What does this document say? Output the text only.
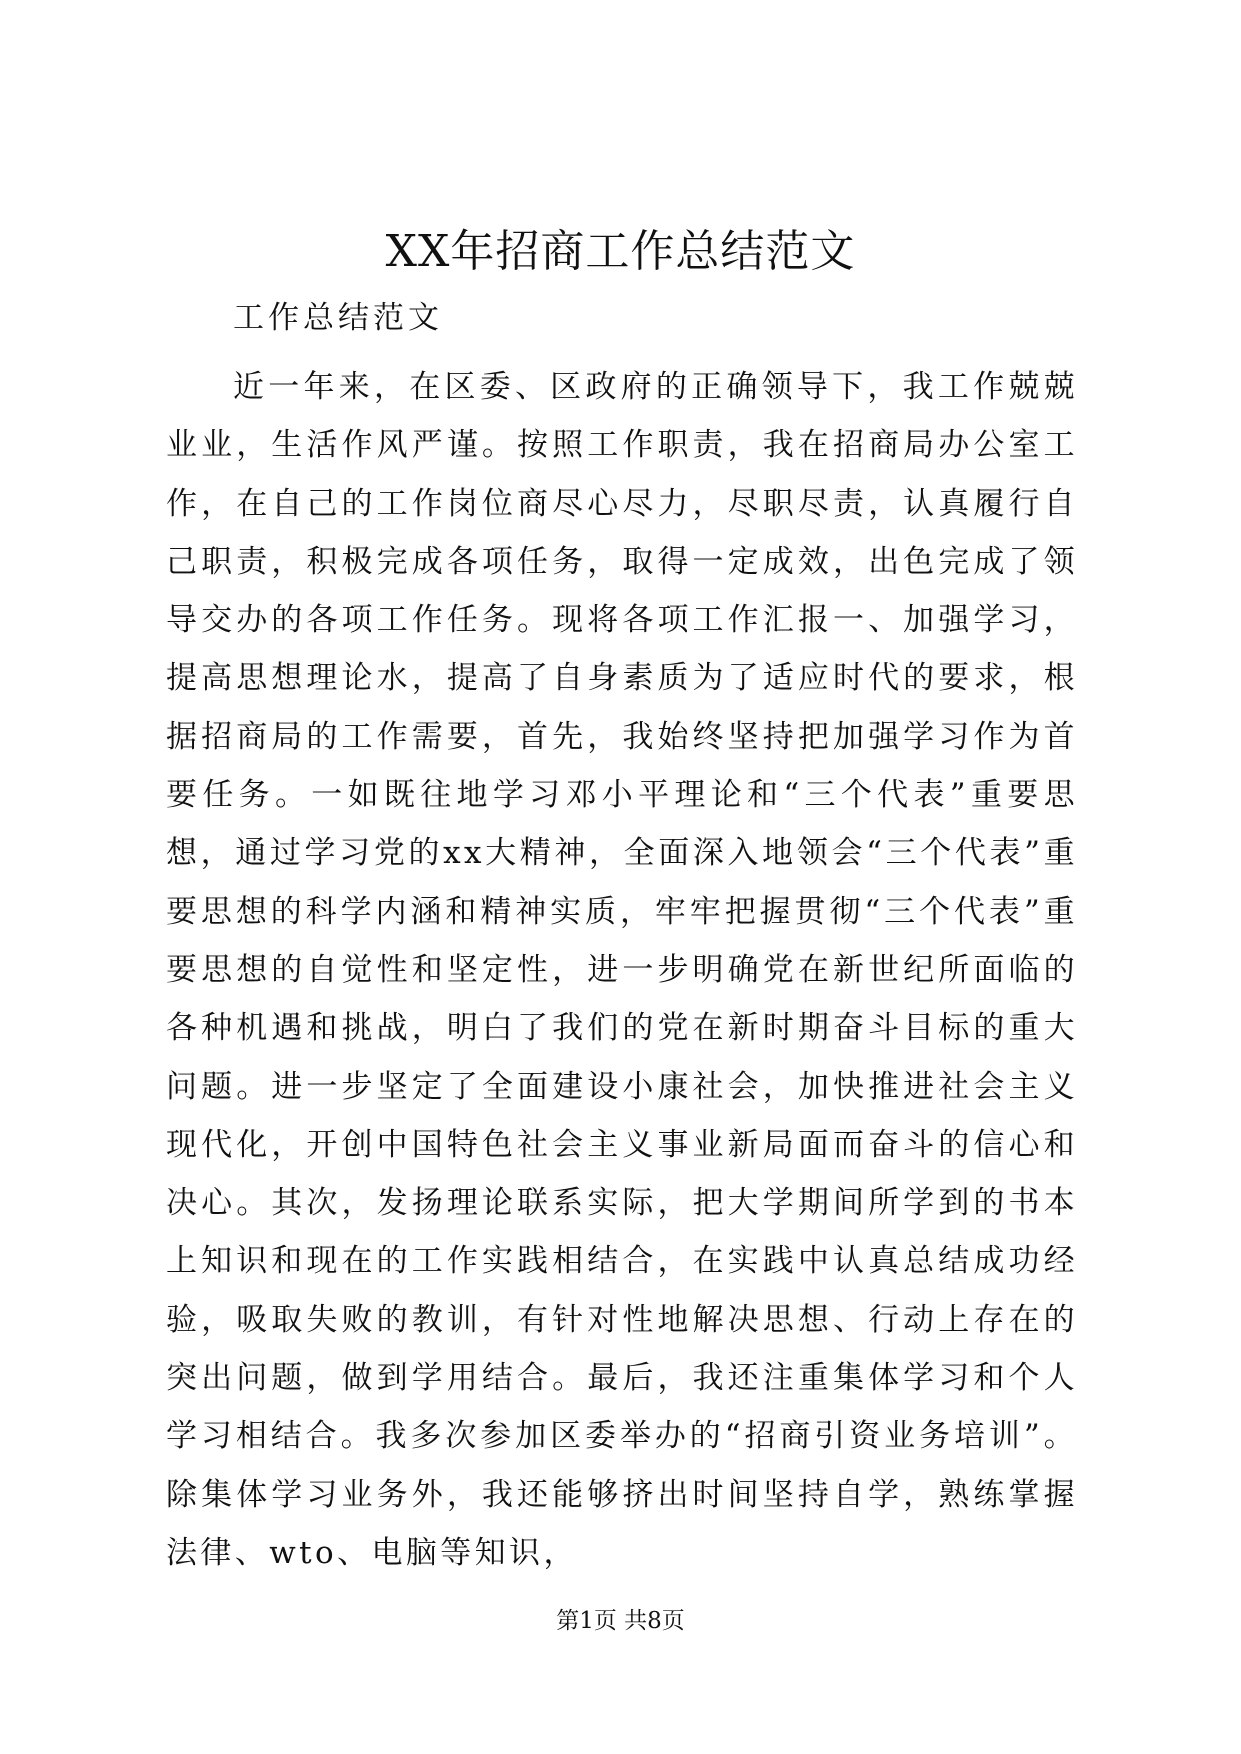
XX年招商工作总结范文

工作总结范文

近一年来，在区委、区政府的正确领导下，我工作兢兢业业，生活作风严谨。按照工作职责，我在招商局办公室工作，在自己的工作岗位商尽心尽力，尽职尽责，认真履行自己职责，积极完成各项任务，取得一定成效，出色完成了领导交办的各项工作任务。现将各项工作汇报一、加强学习，提高思想理论水，提高了自身素质为了适应时代的要求，根据招商局的工作需要，首先，我始终坚持把加强学习作为首要任务。一如既往地学习邓小平理论和“三个代表”重要思想，通过学习党的xx大精神，全面深入地领会“三个代表”重要思想的科学内涵和精神实质，牢牢把握贯彻“三个代表”重要思想的自觉性和坚定性，进一步明确党在新世纪所面临的各种机遇和挑战，明白了我们的党在新时期奋斗目标的重大问题。进一步坚定了全面建设小康社会，加快推进社会主义现代化，开创中国特色社会主义事业新局面而奋斗的信心和决心。其次，发扬理论联系实际，把大学期间所学到的书本上知识和现在的工作实践相结合，在实践中认真总结成功经验，吸取失败的教训，有针对性地解决思想、行动上存在的突出问题，做到学用结合。最后，我还注重集体学习和个人学习相结合。我多次参加区委举办的“招商引资业务培训”。除集体学习业务外，我还能够挤出时间坚持自学，熟练掌握法律、wto、电脑等知识，

第1页 共8页
